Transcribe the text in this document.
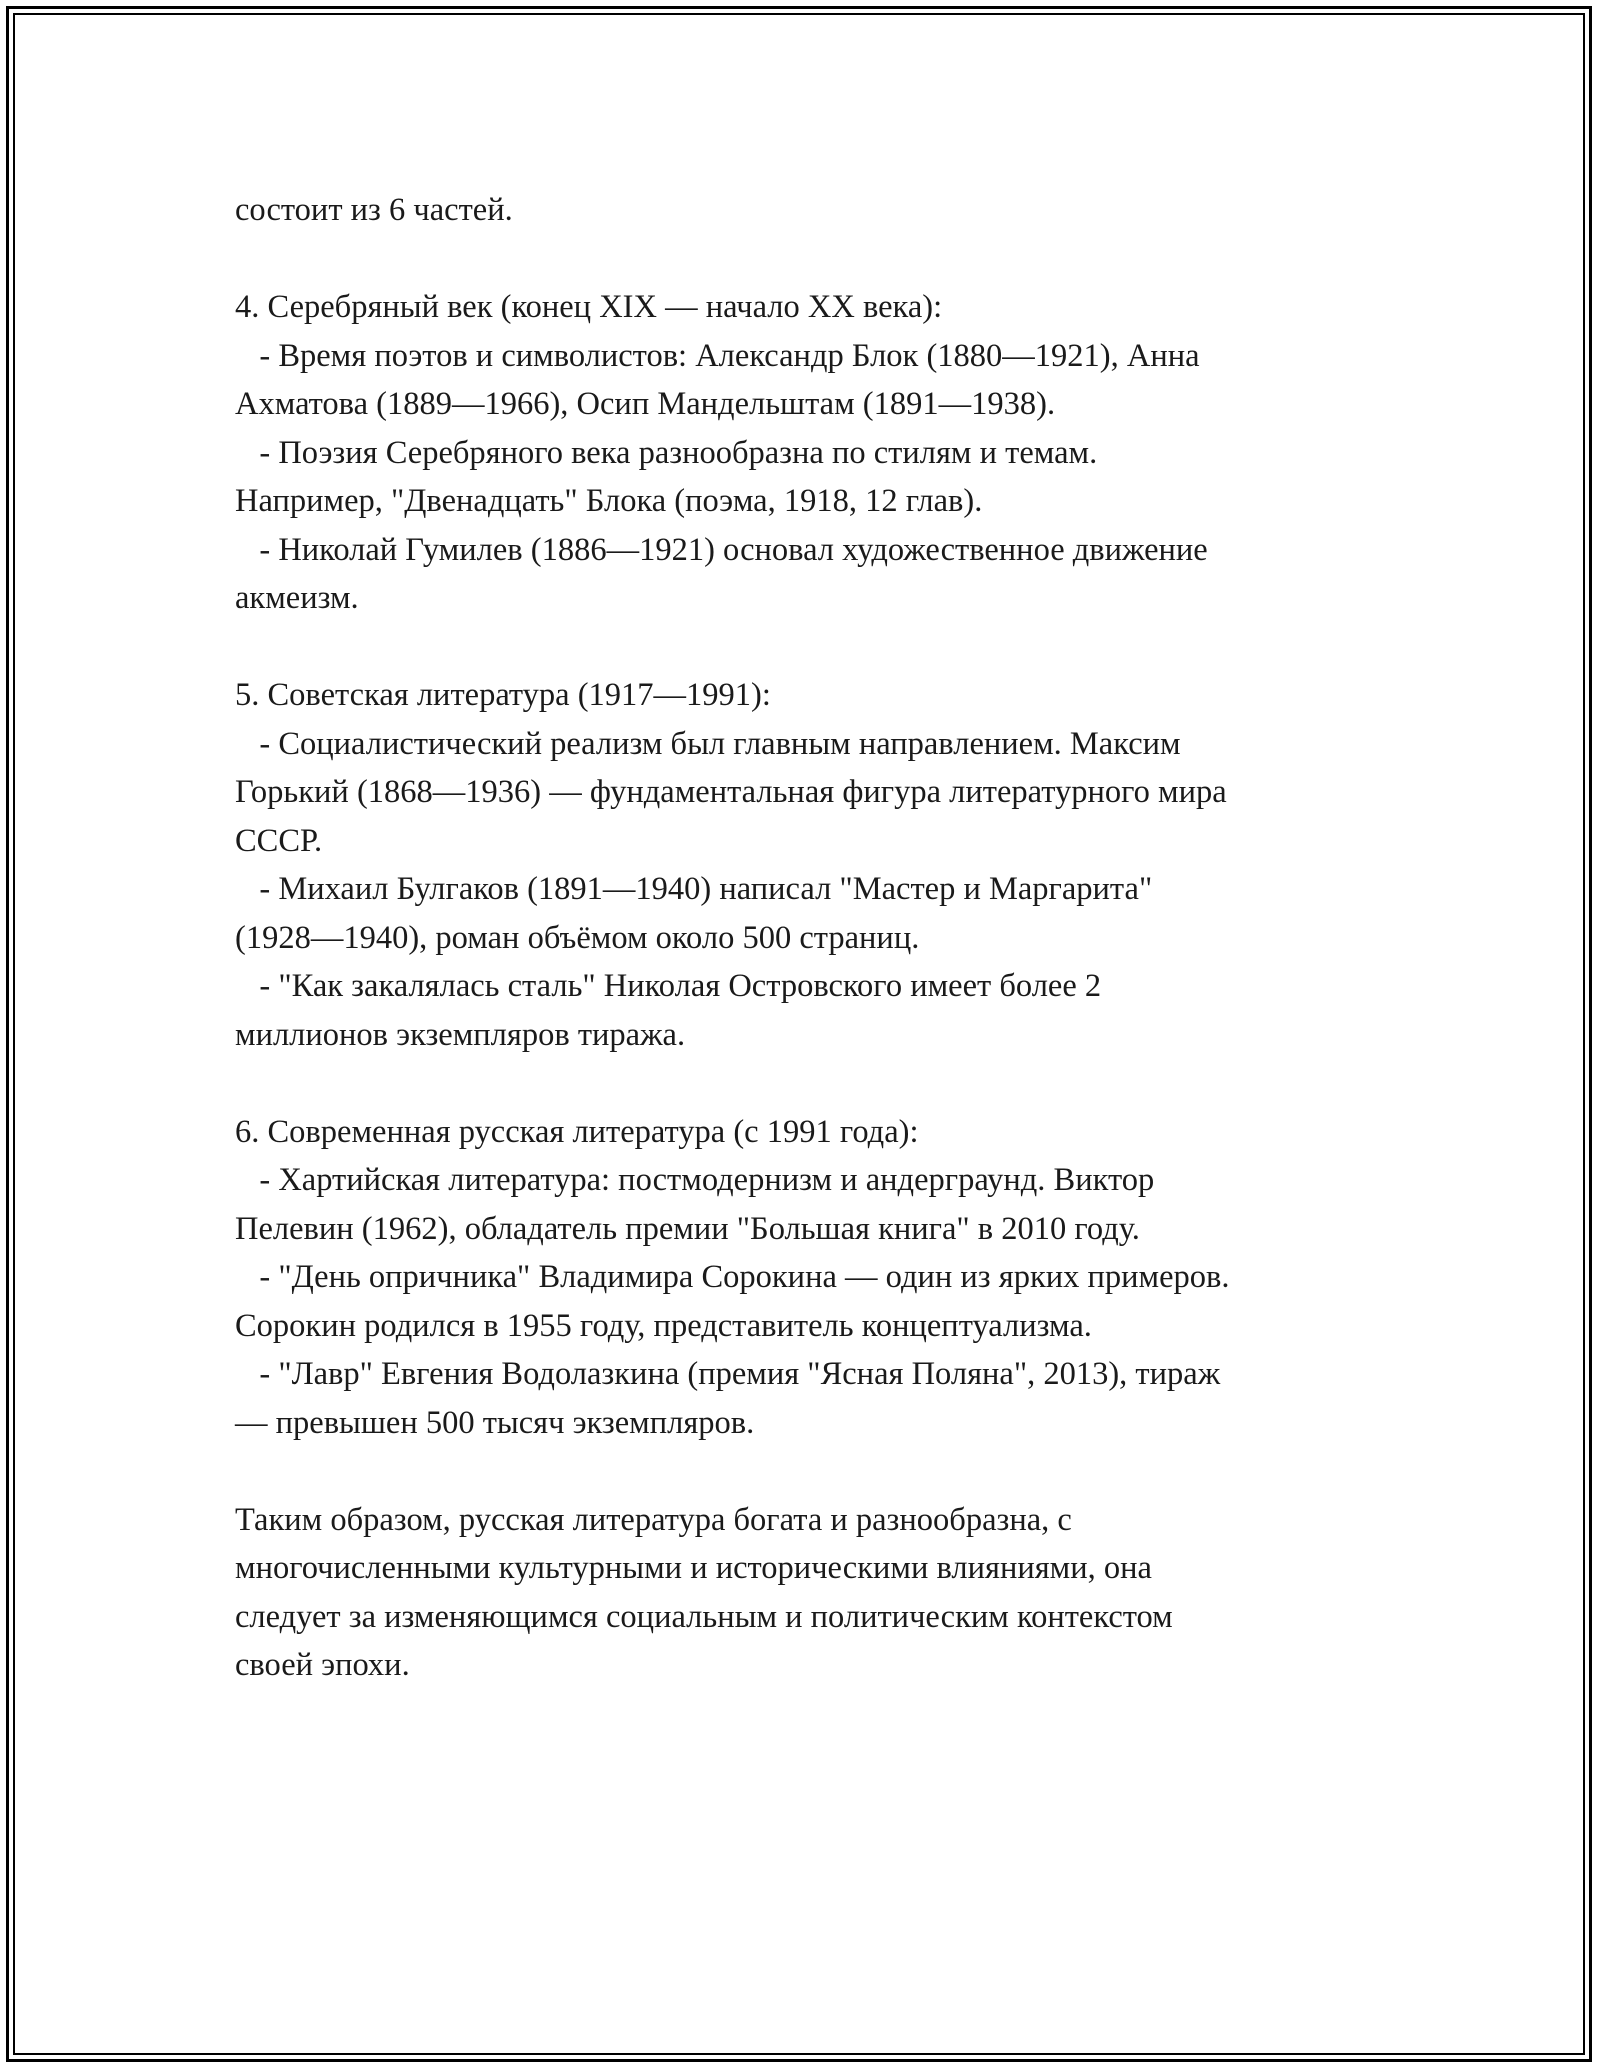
состоит из 6 частей.
4. Серебряный век (конец XIX — начало XX века):
- Время поэтов и символистов: Александр Блок (1880—1921), Анна
Ахматова (1889—1966), Осип Мандельштам (1891—1938).
- Поэзия Серебряного века разнообразна по стилям и темам.
Например, "Двенадцать" Блока (поэма, 1918, 12 глав).
- Николай Гумилев (1886—1921) основал художественное движение
акмеизм.
5. Советская литература (1917—1991):
- Социалистический реализм был главным направлением. Максим
Горький (1868—1936) — фундаментальная фигура литературного мира
СССР.
- Михаил Булгаков (1891—1940) написал "Мастер и Маргарита"
(1928—1940), роман объёмом около 500 страниц.
- "Как закалялась сталь" Николая Островского имеет более 2
миллионов экземпляров тиража.
6. Современная русская литература (с 1991 года):
- Хартийская литература: постмодернизм и андерграунд. Виктор
Пелевин (1962), обладатель премии "Большая книга" в 2010 году.
- "День опричника" Владимира Сорокина — один из ярких примеров.
Сорокин родился в 1955 году, представитель концептуализма.
- "Лавр" Евгения Водолазкина (премия "Ясная Поляна", 2013), тираж
— превышен 500 тысяч экземпляров.
Таким образом, русская литература богата и разнообразна, с
многочисленными культурными и историческими влияниями, она
следует за изменяющимся социальным и политическим контекстом
своей эпохи.
